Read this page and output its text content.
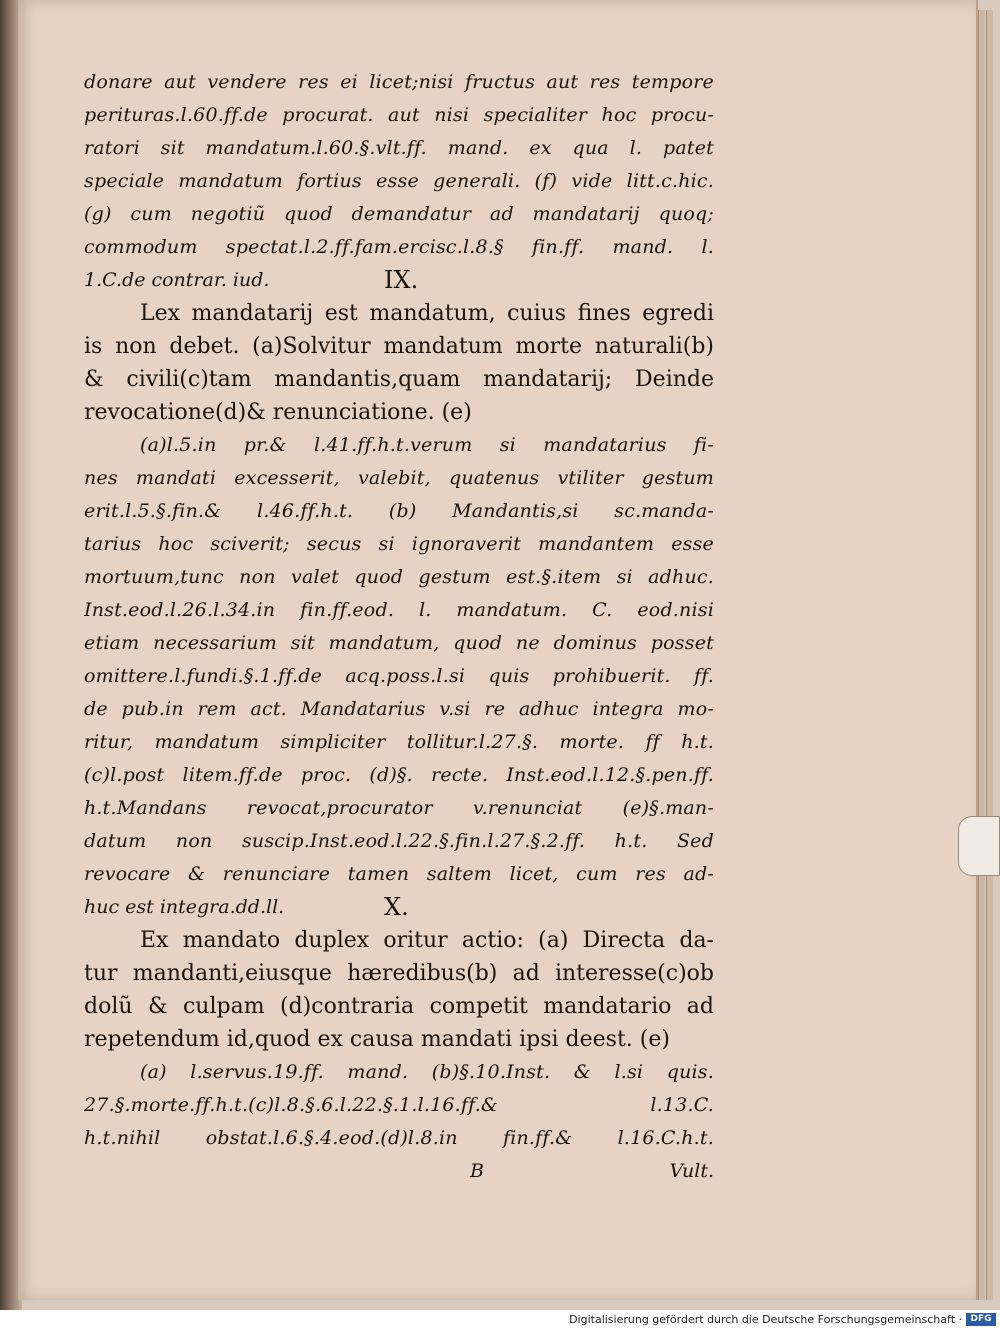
donare aut vendere res ei licet;nisi fructus aut res tempore
perituras.l.60.ff.de procurat. aut nisi specialiter hoc procu-
ratori sit mandatum.l.60.§.vlt.ff. mand. ex qua l. patet
speciale mandatum fortius esse generali. (f) vide litt.c.hic.
(g) cum negotiũ quod demandatur ad mandatarij quoq;
commodum spectat.l.2.ff.fam.ercisc.l.8.§ fin.ff. mand. l.
1.C.de contrar. iud.	IX.
Lex mandatarij est mandatum, cuius fines egredi
is non debet. (a)Solvitur mandatum morte naturali(b)
& civili(c)tam mandantis,quam mandatarij; Deinde
revocatione(d)& renunciatione. (e)
(a)l.5.in pr.& l.41.ff.h.t.verum si mandatarius fi-
nes mandati excesserit, valebit, quatenus vtiliter gestum
erit.l.5.§.fin.& l.46.ff.h.t. (b) Mandantis,si sc.manda-
tarius hoc sciverit; secus si ignoraverit mandantem esse
mortuum,tunc non valet quod gestum est.§.item si adhuc.
Inst.eod.l.26.l.34.in fin.ff.eod. l. mandatum. C. eod.nisi
etiam necessarium sit mandatum, quod ne dominus posset
omittere.l.fundi.§.1.ff.de acq.poss.l.si quis prohibuerit. ff.
de pub.in rem act. Mandatarius v.si re adhuc integra mo-
ritur, mandatum simpliciter tollitur.l.27.§. morte. ff h.t.
(c)l.post litem.ff.de proc. (d)§. recte. Inst.eod.l.12.§.pen.ff.
h.t.Mandans revocat,procurator v.renunciat (e)§.man-
datum non suscip.Inst.eod.l.22.§.fin.l.27.§.2.ff. h.t. Sed
revocare & renunciare tamen saltem licet, cum res ad-
huc est integra.dd.ll.	X.
Ex mandato duplex oritur actio: (a) Directa da-
tur mandanti,eiusque hæredibus(b) ad interesse(c)ob
dolũ & culpam (d)contraria competit mandatario ad
repetendum id,quod ex causa mandati ipsi deest. (e)
(a) l.servus.19.ff. mand. (b)§.10.Inst. & l.si quis.
27.§.morte.ff.h.t.(c)l.8.§.6.l.22.§.1.l.16.ff.& l.13.C.
h.t.nihil obstat.l.6.§.4.eod.(d)l.8.in fin.ff.& l.16.C.h.t.
B	Vult.
Digitalisierung gefördert durch die Deutsche Forschungsgemeinschaft · DFG
